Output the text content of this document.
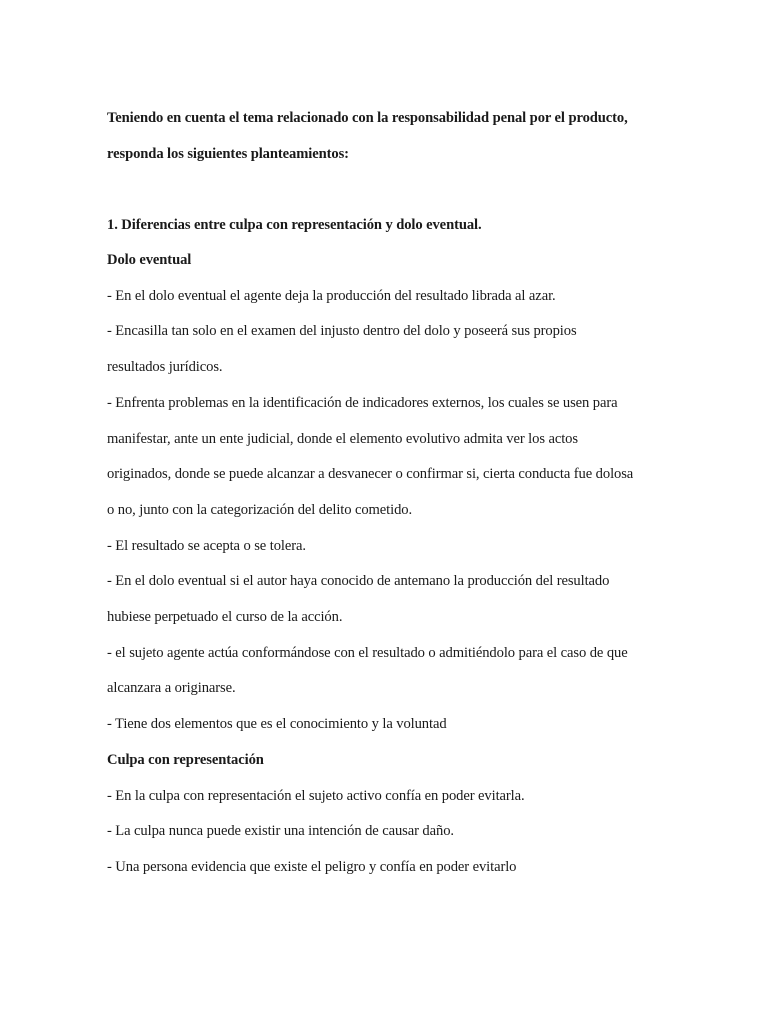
Teniendo en cuenta el tema relacionado con la responsabilidad penal por el producto,
responda los siguientes planteamientos:
1. Diferencias entre culpa con representación y dolo eventual.
Dolo eventual
- En el dolo eventual el agente deja la producción del resultado librada al azar.
- Encasilla tan solo en el examen del injusto dentro del dolo y poseerá sus propios
resultados jurídicos.
- Enfrenta problemas en la identificación de indicadores externos, los cuales se usen para
manifestar, ante un ente judicial, donde el elemento evolutivo admita ver los actos
originados, donde se puede alcanzar a desvanecer o confirmar si, cierta conducta fue dolosa
o no, junto con la categorización del delito cometido.
- El resultado se acepta o se tolera.
- En el dolo eventual si el autor haya conocido de antemano la producción del resultado
hubiese perpetuado el curso de la acción.
- el sujeto agente actúa conformándose con el resultado o admitiéndolo para el caso de que
alcanzara a originarse.
- Tiene dos elementos que es el conocimiento y la voluntad
Culpa con representación
- En la culpa con representación el sujeto activo confía en poder evitarla.
- La culpa nunca puede existir una intención de causar daño.
- Una persona evidencia que existe el peligro y confía en poder evitarlo
